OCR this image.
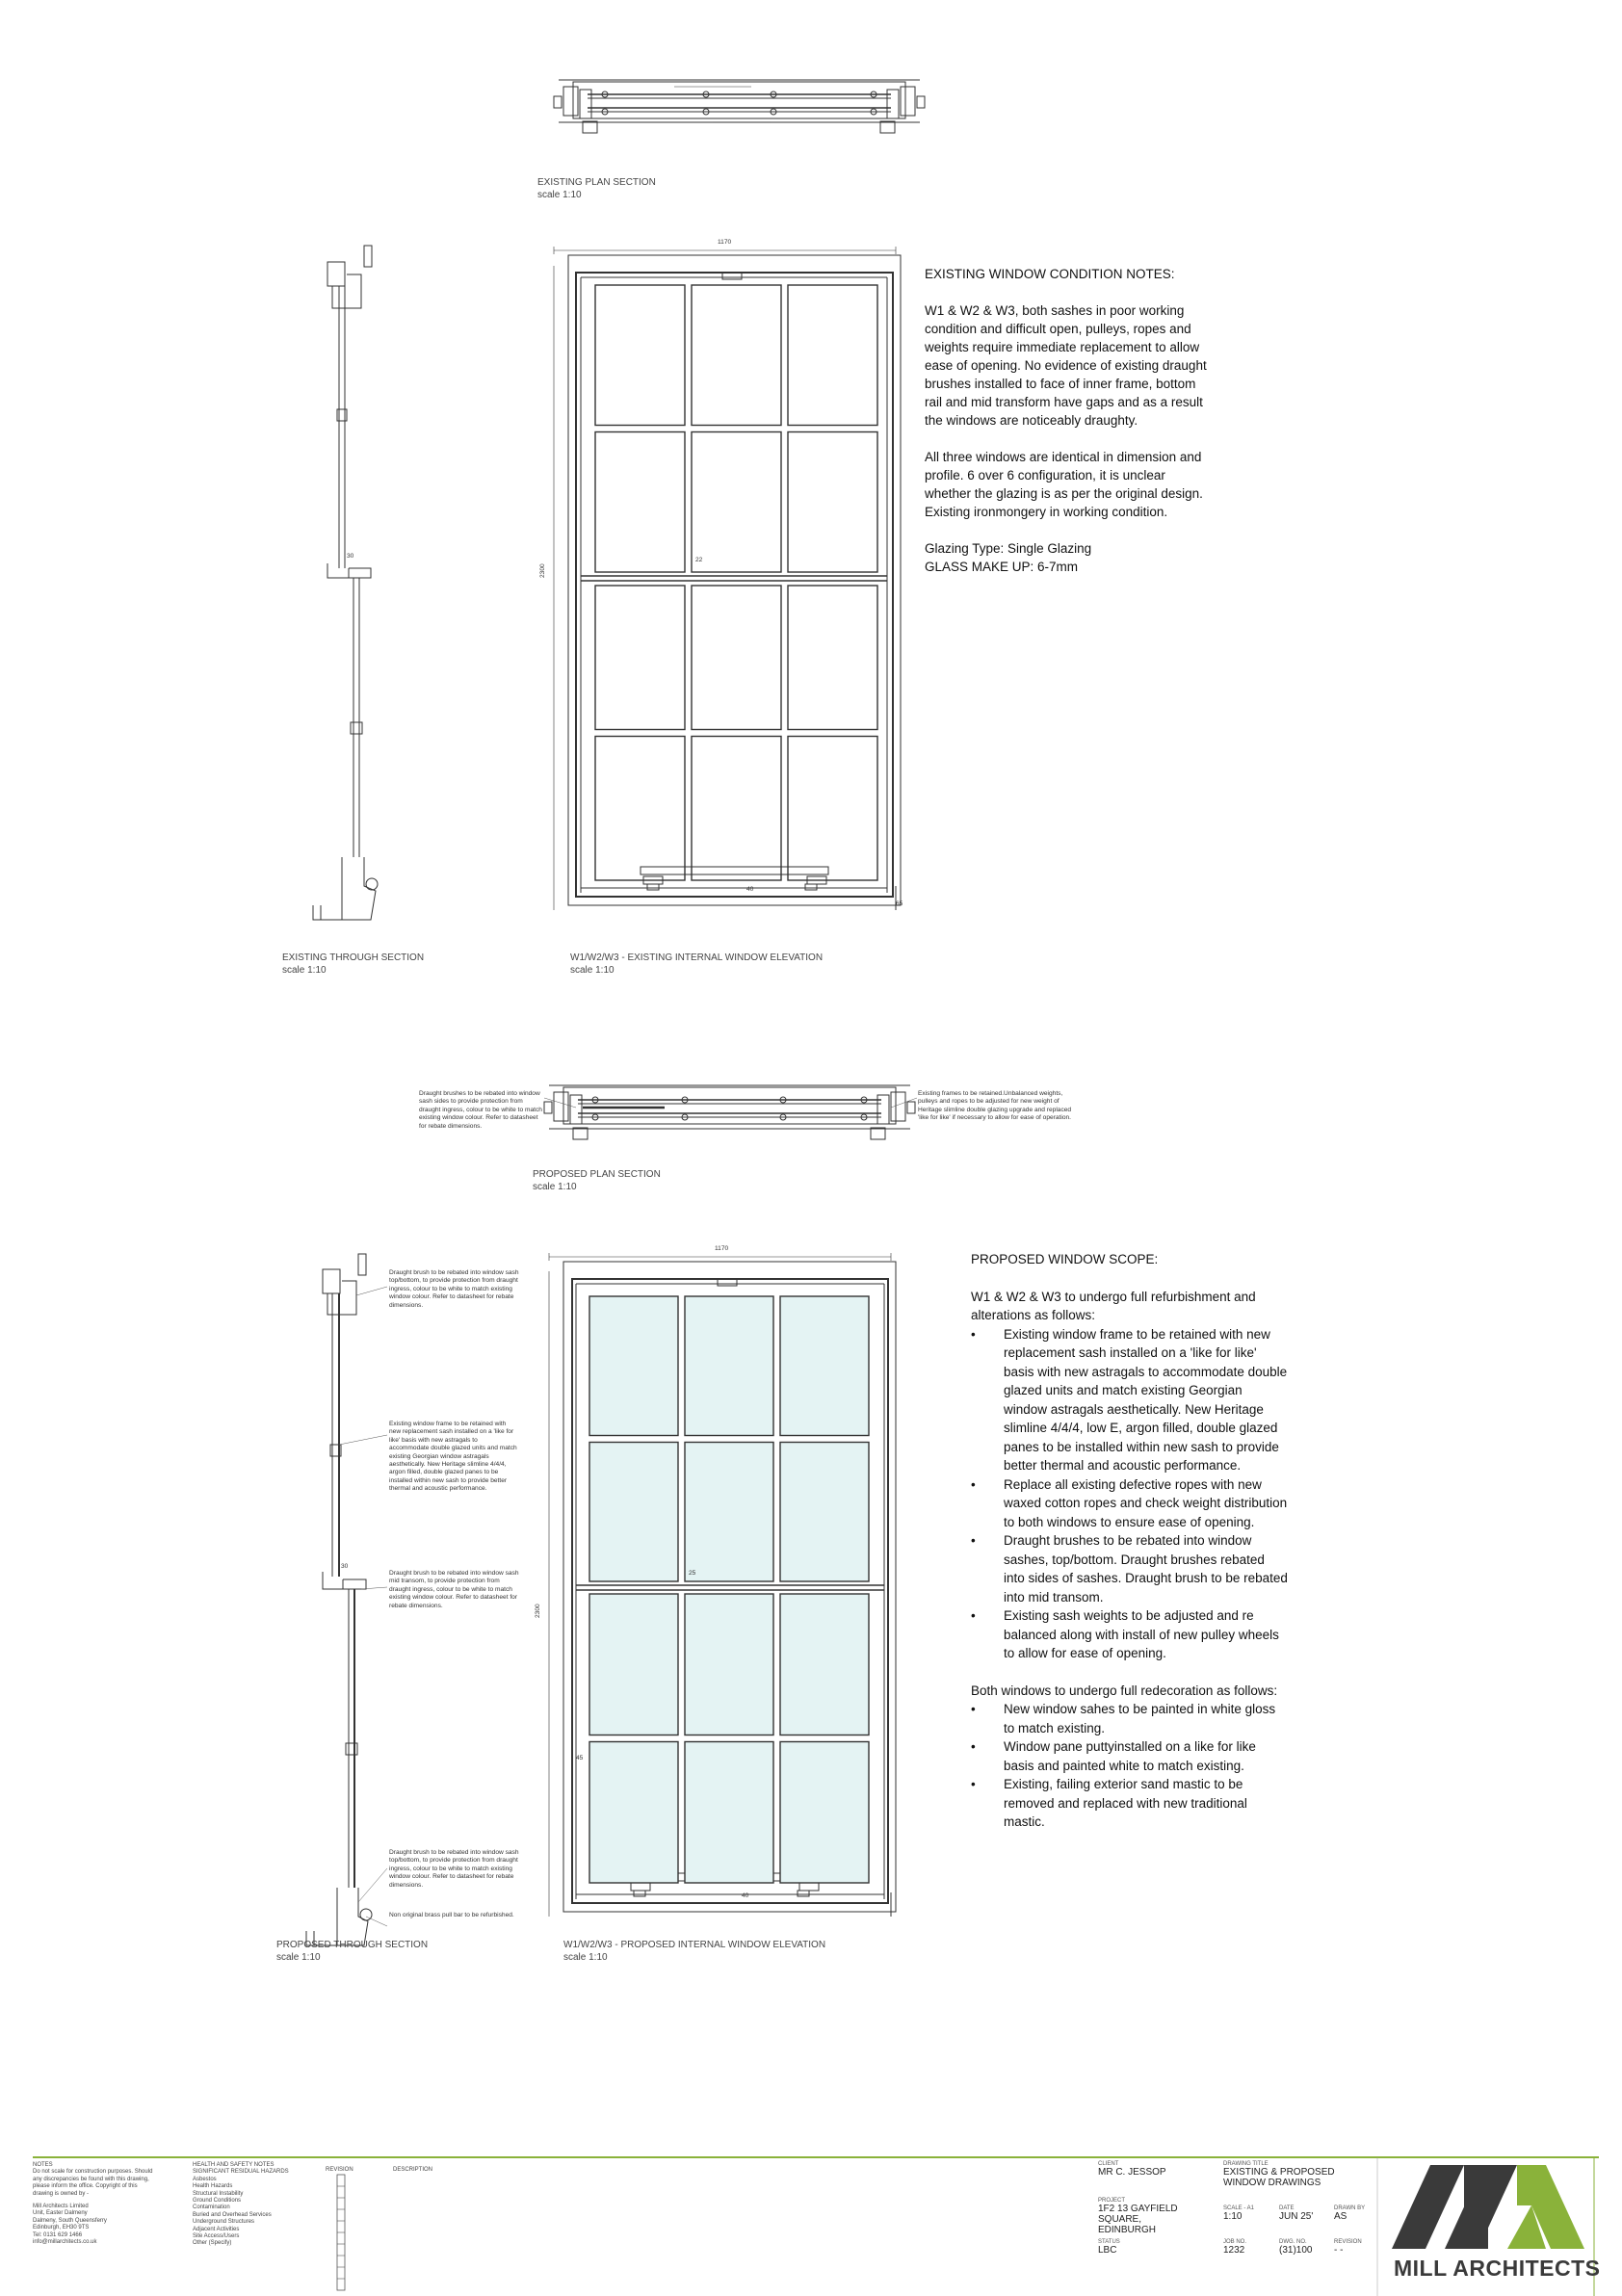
EXISTING PLAN SECTION
scale 1:10
EXISTING THROUGH SECTION
scale 1:10
W1/W2/W3 - EXISTING INTERNAL WINDOW ELEVATION
scale 1:10
1170
2300
22
30
40
65
EXISTING WINDOW CONDITION NOTES:

W1 & W2 & W3, both sashes in poor working condition and difficult open, pulleys, ropes and weights require immediate replacement to allow ease of opening. No evidence of existing draught brushes installed to face of inner frame, bottom rail and mid transform have gaps and as a result the windows are noticeably draughty.

All three windows are identical in dimension and profile. 6 over 6 configuration, it is unclear whether the glazing is as per the original design. Existing ironmongery in working condition.

Glazing Type: Single Glazing
GLASS MAKE UP: 6-7mm
Draught brushes to be rebated into window sash sides to provide protection from draught ingress, colour to be white to match existing window colour. Refer to datasheet for rebate dimensions.
Existing frames to be retained.Unbalanced weights, pulleys and ropes to be adjusted for new weight of Heritage slimline double glazing upgrade and replaced 'like for like' if necessary to allow for ease of operation.
PROPOSED PLAN SECTION
scale 1:10
Draught brush to be rebated into window sash top/bottom, to provide protection from draught ingress, colour to be white to match existing window colour. Refer to datasheet for rebate dimensions.
Existing window frame to be retained with new replacement sash installed on a 'like for like' basis with new astragals to accommodate double glazed units and match existing Georgian window astragals aesthetically. New Heritage slimline 4/4/4, argon filled, double glazed panes to be installed within new sash to provide better thermal and acoustic performance.
Draught brush to be rebated into window sash mid transom, to provide protection from draught ingress, colour to be white to match existing window colour. Refer to datasheet for rebate dimensions.
Draught brush to be rebated into window sash top/bottom, to provide protection from draught ingress, colour to be white to match existing window colour. Refer to datasheet for rebate dimensions.
Non original brass pull bar to be refurbished.
1170
2300
25
30
40
45
PROPOSED WINDOW SCOPE:
W1 & W2 & W3 to undergo full refurbishment and alterations as follows:
• Existing window frame to be retained with new replacement sash installed on a 'like for like' basis with new astragals to accommodate double glazed units and match existing Georgian window astragals aesthetically. New Heritage slimline 4/4/4, low E, argon filled, double glazed panes to be installed within new sash to provide better thermal and acoustic performance.
• Replace all existing defective ropes with new waxed cotton ropes and check weight distribution to both windows to ensure ease of opening.
• Draught brushes to be rebated into window sashes, top/bottom. Draught brushes rebated into sides of sashes. Draught brush to be rebated into mid transom.
• Existing sash weights to be adjusted and re balanced along with install of new pulley wheels to allow for ease of opening.
Both windows to undergo full redecoration as follows:
• New window sahes to be painted in white gloss to match existing.
• Window pane puttyinstalled on a like for like basis and painted white to match existing.
• Existing, failing exterior sand mastic to be removed and replaced with new traditional mastic.
PROPOSED THROUGH SECTION
scale 1:10
W1/W2/W3 - PROPOSED INTERNAL WINDOW ELEVATION
scale 1:10
NOTES
Do not scale for construction purposes. Should any discrepancies be found with this drawing, please inform the office. Copyright of this drawing is owned by -
Mill Architects Limited
Unit, Easter Dalmeny
Dalmeny, South Queensferry
Edinburgh, EH30 9TS
Tel: 0131 629 1466
info@millarchitects.co.uk
HEALTH AND SAFETY NOTES
SIGNIFICANT RESIDUAL HAZARDS
Asbestos
Health Hazards
Structural Instability
Ground Conditions
Contamination
Buried and Overhead Services
Underground Structures
Adjacent Activities
Site Access/Users
Other (Specify)
REVISION	DESCRIPTION
CLIENT
MR C. JESSOP
PROJECT
1F2 13 GAYFIELD SQUARE,
EDINBURGH
STATUS
LBC
DRAWING TITLE
EXISTING & PROPOSED
WINDOW DRAWINGS
SCALE - A1
1:10
DATE
JUN 25'
DRAWN BY
AS
JOB NO.
1232
DWG. NO.
(31)100
REVISION
- -
MILL ARCHITECTS
